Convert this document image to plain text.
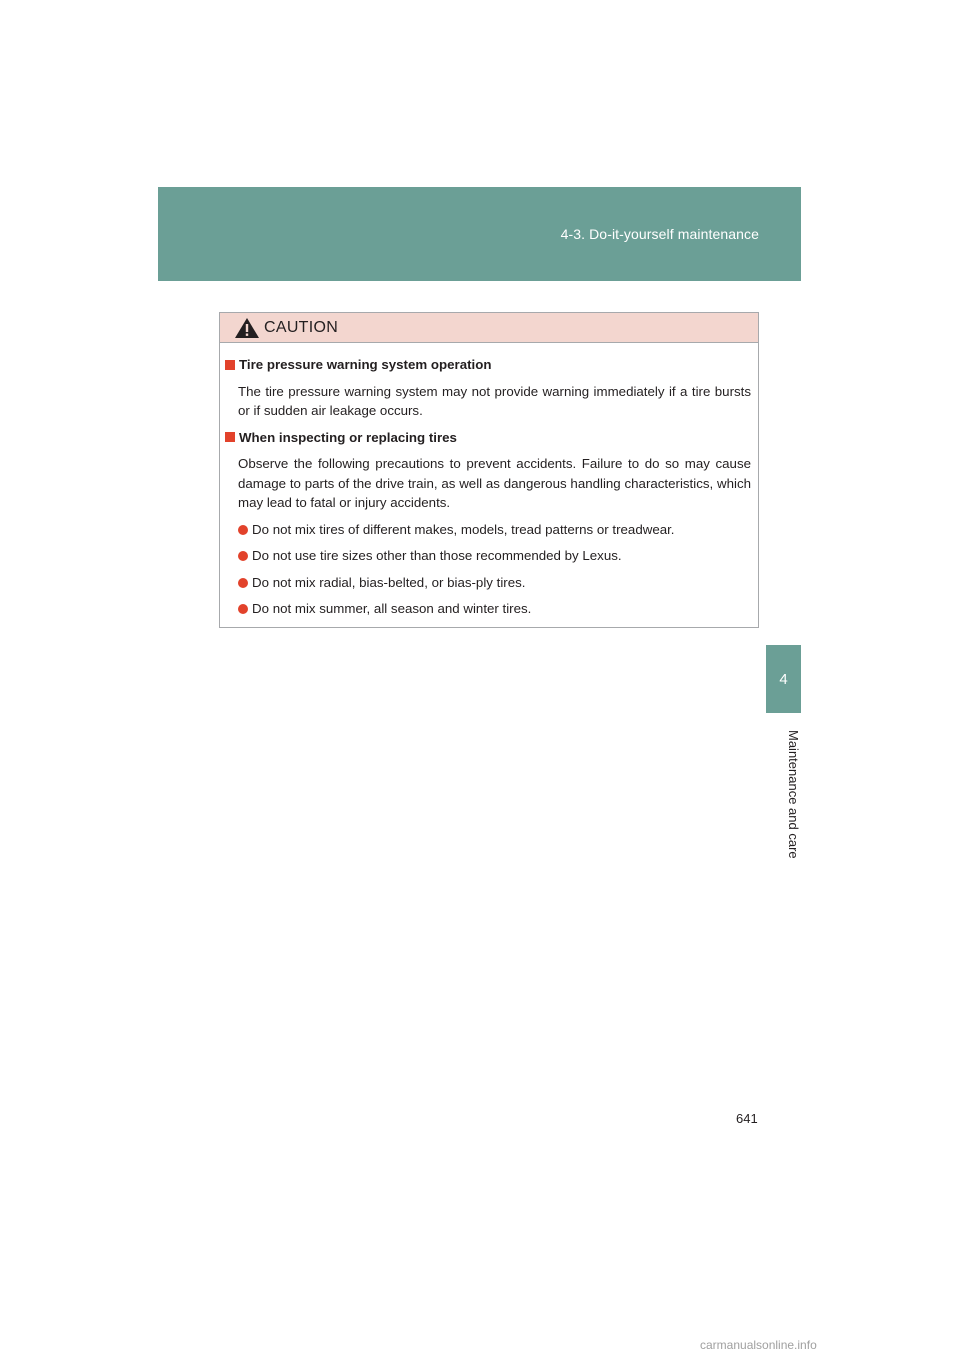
4-3. Do-it-yourself maintenance
4
Maintenance and care
CAUTION
Tire pressure warning system operation
The tire pressure warning system may not provide warning immediately if a tire bursts or if sudden air leakage occurs.
When inspecting or replacing tires
Observe the following precautions to prevent accidents. Failure to do so may cause damage to parts of the drive train, as well as dangerous handling characteristics, which may lead to fatal or injury accidents.
Do not mix tires of different makes, models, tread patterns or treadwear.
Do not use tire sizes other than those recommended by Lexus.
Do not mix radial, bias-belted, or bias-ply tires.
Do not mix summer, all season and winter tires.
641
carmanualsonline.info
